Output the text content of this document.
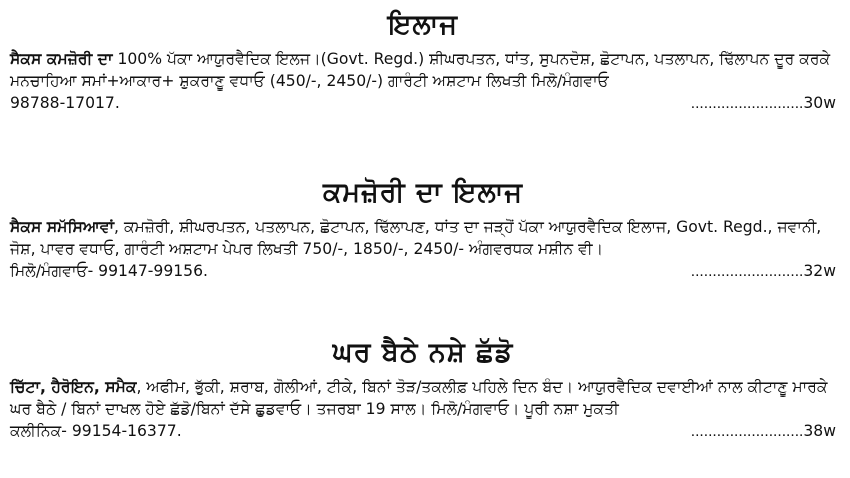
ਇਲਾਜ

ਸੈਕਸ ਕਮਜ਼ੋਰੀ ਦਾ 100% ਪੱਕਾ ਆਯੁਰਵੈਦਿਕ ਇਲਜ।(Govt. Regd.) ਸ਼ੀਘਰਪਤਨ, ਧਾਂਤ, ਸੁਪਨਦੋਸ਼, ਛੋਟਾਪਨ, ਪਤਲਾਪਨ, ਢਿੱਲਾਪਨ ਦੂਰ ਕਰਕੇ ਮਨਚਾਹਿਆ ਸਮਾਂ+ਆਕਾਰ+ ਸ਼ੁਕਰਾਣੂ ਵਧਾਓ (450/-, 2450/-) ਗਾਰੰਟੀ ਅਸ਼ਟਾਮ ਲਿਖਤੀ ਮਿਲੋ/ਮੰਗਵਾਓ

98788-17017.	..........................30w
ਕਮਜ਼ੋਰੀ ਦਾ ਇਲਾਜ

ਸੈਕਸ ਸਮੱਸਿਆਵਾਂ, ਕਮਜ਼ੋਰੀ, ਸ਼ੀਘਰਪਤਨ, ਪਤਲਾਪਨ, ਛੋਟਾਪਨ, ਢਿੱਲਾਪਣ, ਧਾਂਤ ਦਾ ਜੜ੍ਹੋਂ ਪੱਕਾ ਆਯੁਰਵੈਦਿਕ ਇਲਾਜ, Govt. Regd., ਜਵਾਨੀ, ਜੋਸ਼, ਪਾਵਰ ਵਧਾਓ, ਗਾਰੰਟੀ ਅਸ਼ਟਾਮ ਪੇਪਰ ਲਿਖਤੀ 750/-, 1850/-, 2450/- ਅੰਗਵਰਧਕ ਮਸ਼ੀਨ ਵੀ।

ਮਿਲੋ/ਮੰਗਵਾਓ- 99147-99156.	..........................32w
ਘਰ ਬੈਠੇ ਨਸ਼ੇ ਛੱਡੋ

ਚਿੱਟਾ, ਹੈਰੋਇਨ, ਸਮੈਕ, ਅਫੀਮ, ਭੁੱਕੀ, ਸ਼ਰਾਬ, ਗੋਲੀਆਂ, ਟੀਕੇ, ਬਿਨਾਂ ਤੋੜ/ਤਕਲੀਫ਼ ਪਹਿਲੇ ਦਿਨ ਬੰਦ। ਆਯੁਰਵੈਦਿਕ ਦਵਾਈਆਂ ਨਾਲ ਕੀਟਾਣੂ ਮਾਰਕੇ ਘਰ ਬੈਠੇ / ਬਿਨਾਂ ਦਾਖਲ ਹੋਏ ਛੱਡੋ/ਬਿਨਾਂ ਦੱਸੇ ਛੁਡਵਾਓ। ਤਜਰਬਾ 19 ਸਾਲ। ਮਿਲੋ/ਮੰਗਵਾਓ। ਪੂਰੀ ਨਸ਼ਾ ਮੁਕਤੀ

ਕਲੀਨਿਕ- 99154-16377.	..........................38w
